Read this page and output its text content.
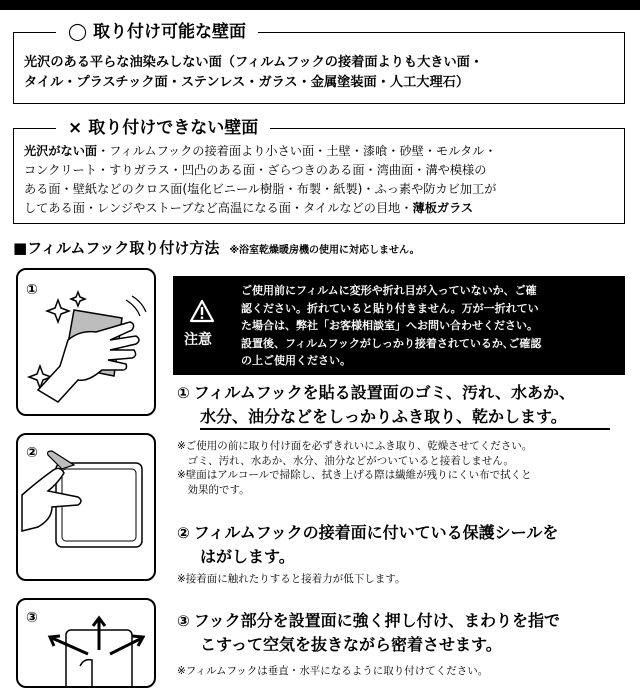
◯ 取り付け可能な壁面
光沢のある平らな油染みしない面（フィルムフックの接着面よりも大きい面・
タイル・プラスチック面・ステンレス・ガラス・金属塗装面・人工大理石）
× 取り付けできない壁面
光沢がない面・フィルムフックの接着面より小さい面・土壁・漆喰・砂壁・モルタル・
コンクリート・すりガラス・凹凸のある面・ざらつきのある面・湾曲面・溝や模様の
ある面・壁紙などのクロス面(塩化ビニール樹脂・布製・紙製)・ふっ素や防カビ加工が
してある面・レンジやストーブなど高温になる面・タイルなどの目地・薄板ガラス
■フィルムフック取り付け方法 ※浴室乾燥暖房機の使用に対応しません。
①
注意
ご使用前にフィルムに変形や折れ目が入っていないか、ご確
認ください。折れていると貼り付きません。万が一折れてい
た場合は、弊社「お客様相談室」へお問い合わせください。
設置後、フィルムフックがしっかり接着されているか､ご確認
の上ご使用ください。
① フィルムフックを貼る設置面のゴミ、汚れ、水あか、
水分、油分などをしっかりふき取り、乾かします。
※ご使用の前に取り付け面を必ずきれいにふき取り、乾燥させてください。
　ゴミ、汚れ、水あか、水分、油分などがついていると接着しません。
※壁面はアルコールで掃除し、拭き上げる際は繊維が残りにくい布で拭くと
　効果的です。
②
② フィルムフックの接着面に付いている保護シールを
はがします。
※接着面に触れたりすると接着力が低下します。
③	③ フック部分を設置面に強く押し付け、まわりを指で
こすって空気を抜きながら密着させます。
※フィルムフックは垂直・水平になるように取り付けてください。
